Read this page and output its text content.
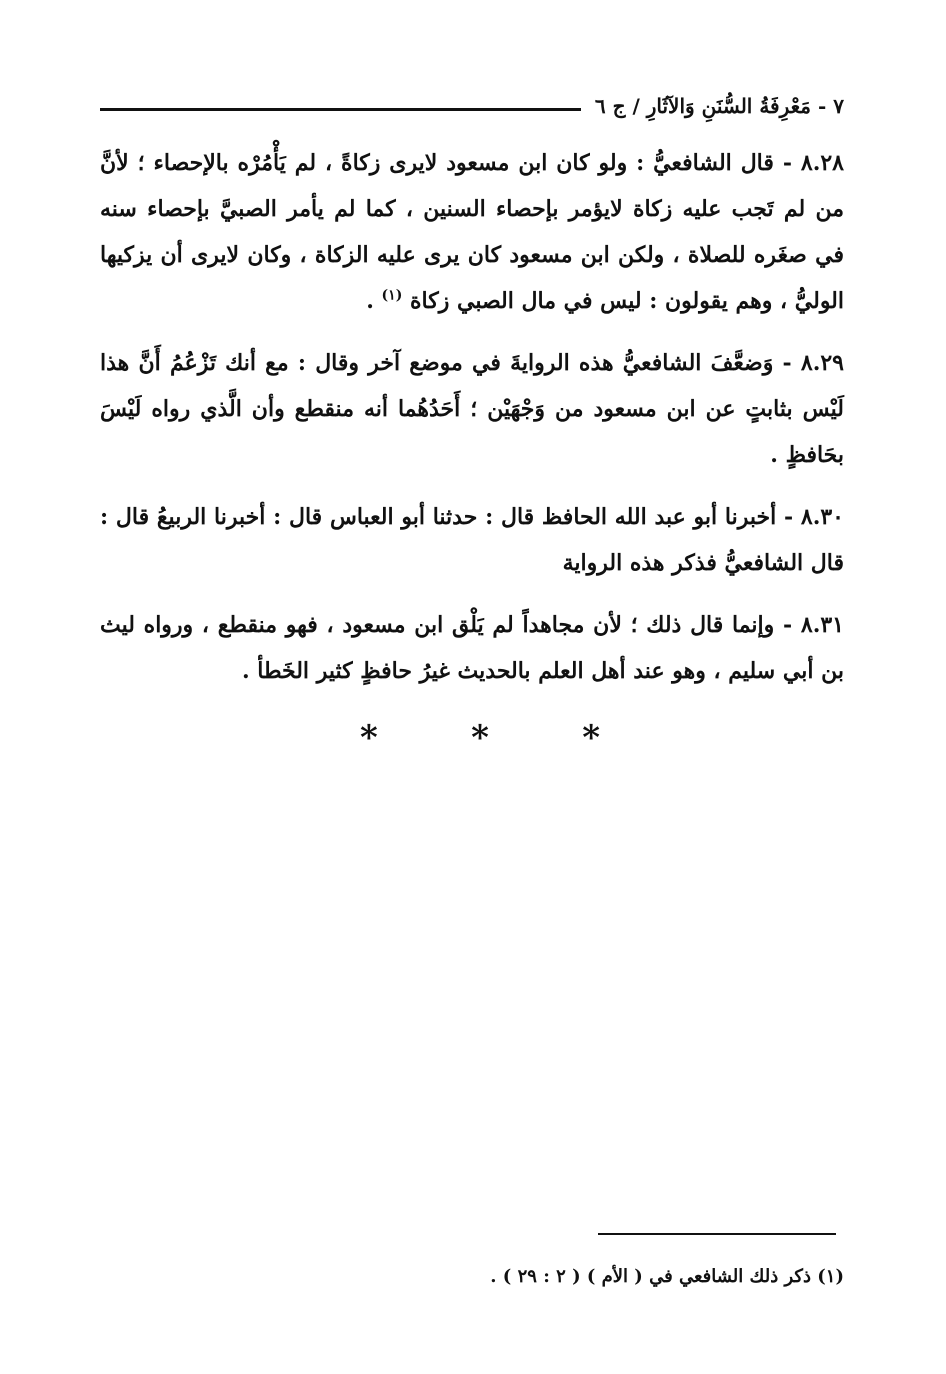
٧ - مَعْرِفَةُ السُّنَنِ وَالآثَارِ / ج ٦

٨.٢٨ - قال الشافعيُّ : ولو كان ابن مسعود لايرى زكاةً ، لم يَأْمُرْه بالإحصاء ؛ لأنَّ من لم تَجب عليه زكاة لايؤمر بإحصاء السنين ، كما لم يأمر الصبيَّ بإحصاء سنه في صغَره للصلاة ، ولكن ابن مسعود كان يرى عليه الزكاة ، وكان لايرى أن يزكيها الوليُّ ، وهم يقولون : ليس في مال الصبي زكاة $^{(١)}$ .

٨.٢٩ - وَضعَّفَ الشافعيُّ هذه الروايةَ في موضع آخر وقال : مع أنك تَزْعُمُ أَنَّ هذا لَيْس بثابتٍ عن ابن مسعود من وَجْهَيْن ؛ أَحَدُهُما أنه منقطع وأن الَّذي رواه لَيْسَ بحَافظٍ .

٨.٣٠ - أخبرنا أبو عبد الله الحافظ قال : حدثنا أبو العباس قال : أخبرنا الربيعُ قال : قال الشافعيُّ فذكر هذه الرواية

٨.٣١ - وإنما قال ذلك ؛ لأن مجاهداً لم يَلْق ابن مسعود ، فهو منقطع ، ورواه ليث بن أبي سليم ، وهو عند أهل العلم بالحديث غيرُ حافظٍ كثير الخَطأ .

*	*	*
(١) ذكر ذلك الشافعي في ( الأم ) ( ٢ : ٢٩ ) .
